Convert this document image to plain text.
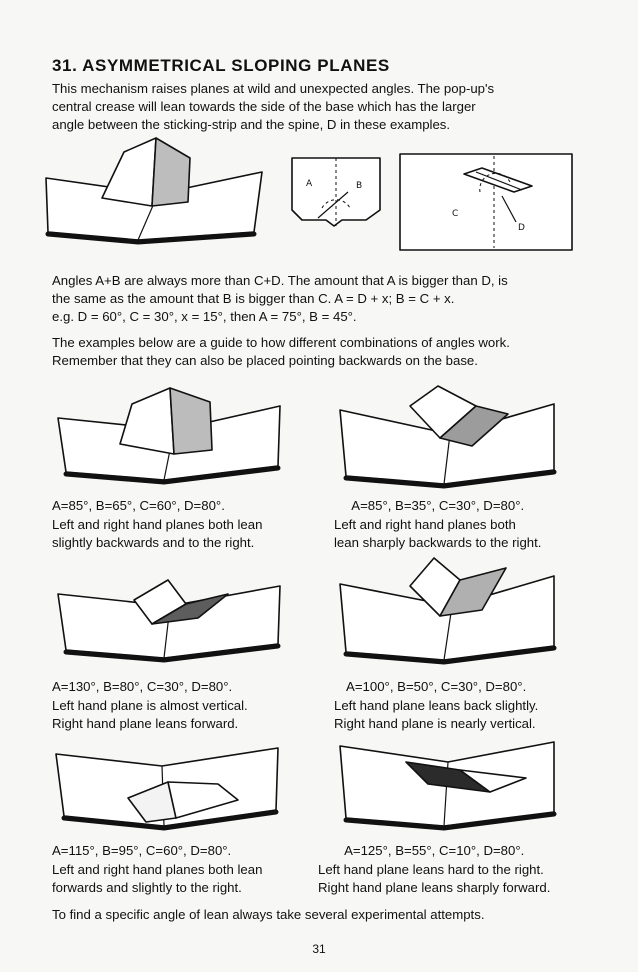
31. ASYMMETRICAL SLOPING PLANES

This mechanism raises planes at wild and unexpected angles. The pop-up's

central crease will lean towards the side of the base which has the larger

angle between the sticking-strip and the spine, D in these examples.

A	B
C
D

Angles A+B are always more than C+D. The amount that A is bigger than D, is

the same as the amount that B is bigger than C. A = D + x; B = C + x.

e.g. D = 60°, C = 30°, x = 15°, then A = 75°, B = 45°.

The examples below are a guide to how different combinations of angles work.

Remember that they can also be placed pointing backwards on the base.

A=85°, B=65°, C=60°, D=80°.

Left and right hand planes both lean

slightly backwards and to the right.

A=85°, B=35°, C=30°, D=80°.

Left and right hand planes both

lean sharply backwards to the right.

A=130°, B=80°, C=30°, D=80°.

Left hand plane is almost vertical.

Right hand plane leans forward.

A=100°, B=50°, C=30°, D=80°.

Left hand plane leans back slightly.

Right hand plane is nearly vertical.

A=115°, B=95°, C=60°, D=80°.

Left and right hand planes both lean

forwards and slightly to the right.

A=125°, B=55°, C=10°, D=80°.

Left hand plane leans hard to the right.

Right hand plane leans sharply forward.

To find a specific angle of lean always take several experimental attempts.

31
